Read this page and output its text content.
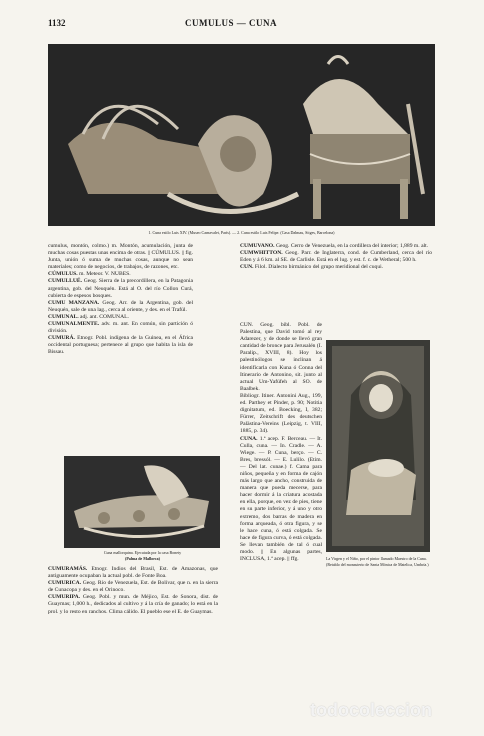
1132	CUMULUS — CUNA
1. Cuna estilo Luis XIV. (Museo Carnavalet, París). — 2. Cuna estilo Luis Felipe. (Casa Dalmau, Sitges, Barcelona)

cumulus, montón, colmo.) m. Montón, acumulación, junta de muchas cosas puestas unas encima de otras. || CÚMULUS. || fig. Junta, unión ó suma de muchas cosas, aunque no sean materiales; como de negocios, de trabajos, de razones, etc.

CÚMULUS. m. Meteor. V. NUBES.

CUMULLUÉ. Geog. Sierra de la precordillera, en la Patagonia argentina, gob. del Neuquén. Está al O. del río Collon Curá, cubierta de espesos bosques.

CUMU MANZANA. Geog. Arr. de la Argentina, gob. del Neuquén, sale de una lag., cerca al oriente, y des. en el Trafúl.

CUMUNAL. adj. ant. COMUNAL.

CUMUNALMENTE. adv. m. ant. En común, sin partición ó división.

CUMURÁ. Etnogr. Pobl. indígena de la Guinea, en el África occidental portuguesa; pertenece al grupo que habita la isla de Bissau.

Cuna mallorquina. Ejecutada por la casa Bonety
(Palma de Mallorca)

CUMURAMÁS. Etnogr. Indios del Brasil, Est. de Amazonas, que antiguamente ocupaban la actual pobl. de Fonte Boa.

CUMURICA. Geog. Río de Venezuela, Est. de Bolívar, que n. en la sierra de Cunacopa y des. en el Orinoco.

CUMURIPA. Geog. Pobl. y mun. de Méjico, Est. de Sonora, dist. de Guaymas; 1,000 h., dedicados al cultivo y á la cría de ganado; lo está en la prol. y lo resto en ranchos. Clima cálido. El pueblo ese el E. de Guaymas.

CUMUVANO. Geog. Cerro de Venezuela, en la cordillera del interior; 1,889 m. alt.

CUMWHITTON. Geog. Parr. de Inglaterra, cond. de Cumberland, cerca del río Eden y á 6 km. al SE. de Carlisle. Está en el lug. y est. f. c. de Wetheral; 500 h.

CUN. Filol. Dialecto birmánico del grupo meridional del cuqui.

CUN. Geog. bibl. Pobl. de Palestina, que David tomó al rey Adarezer, y de donde se llevó gran cantidad de bronce para Jerusalén (I. Paralip., XVIII, 8). Hoy los palestinólogos se inclinan á identificarla con Kuna ó Conna del Itinerario de Antonino, sit. junto al actual Um-Yafúfeh al SO. de Baalbek.

Bibliogr. Itiner. Antonini Aug., 199, ed. Parthey et Pinder, p. 90; Notitia dignitatum, ed. Boecking, I, 382; Fürrer, Zeitschrift des deutschen Palästina-Vereins (Leipzig, t. VIII, 1885, p. 34).

CUNA. 1.ª acep. F. Berceau. — It. Culla, cuna. — In. Cradle. — A. Wiege. — P. Cuna, berço. — C. Bres, bressól. — E. Lulilo. (Etim. — Del lat. cunae.) f. Cama para niños, pequeña y en forma de cajón más largo que ancho, construida de manera que pueda mecerse, para hacer dormir á la criatura acostada en ella, porque, en vez de pies, tiene en su parte inferior, y á uno y otro extremo, dos barras de madera en forma arqueada, ó otra figura, y se le hace cuna, ó está colgada. Se hace de figura curva, ó está colgada. Se llevan también de tal ó cual modo. || En algunas partes, INCLUSA, 1.ª acep. || ffg.	La Virgen y el Niño, por el pintor llamado Maestro de la Cuna. (Retablo del monasterio de Santa Mónica de Matelica, Umbría.)
todocoleccion
